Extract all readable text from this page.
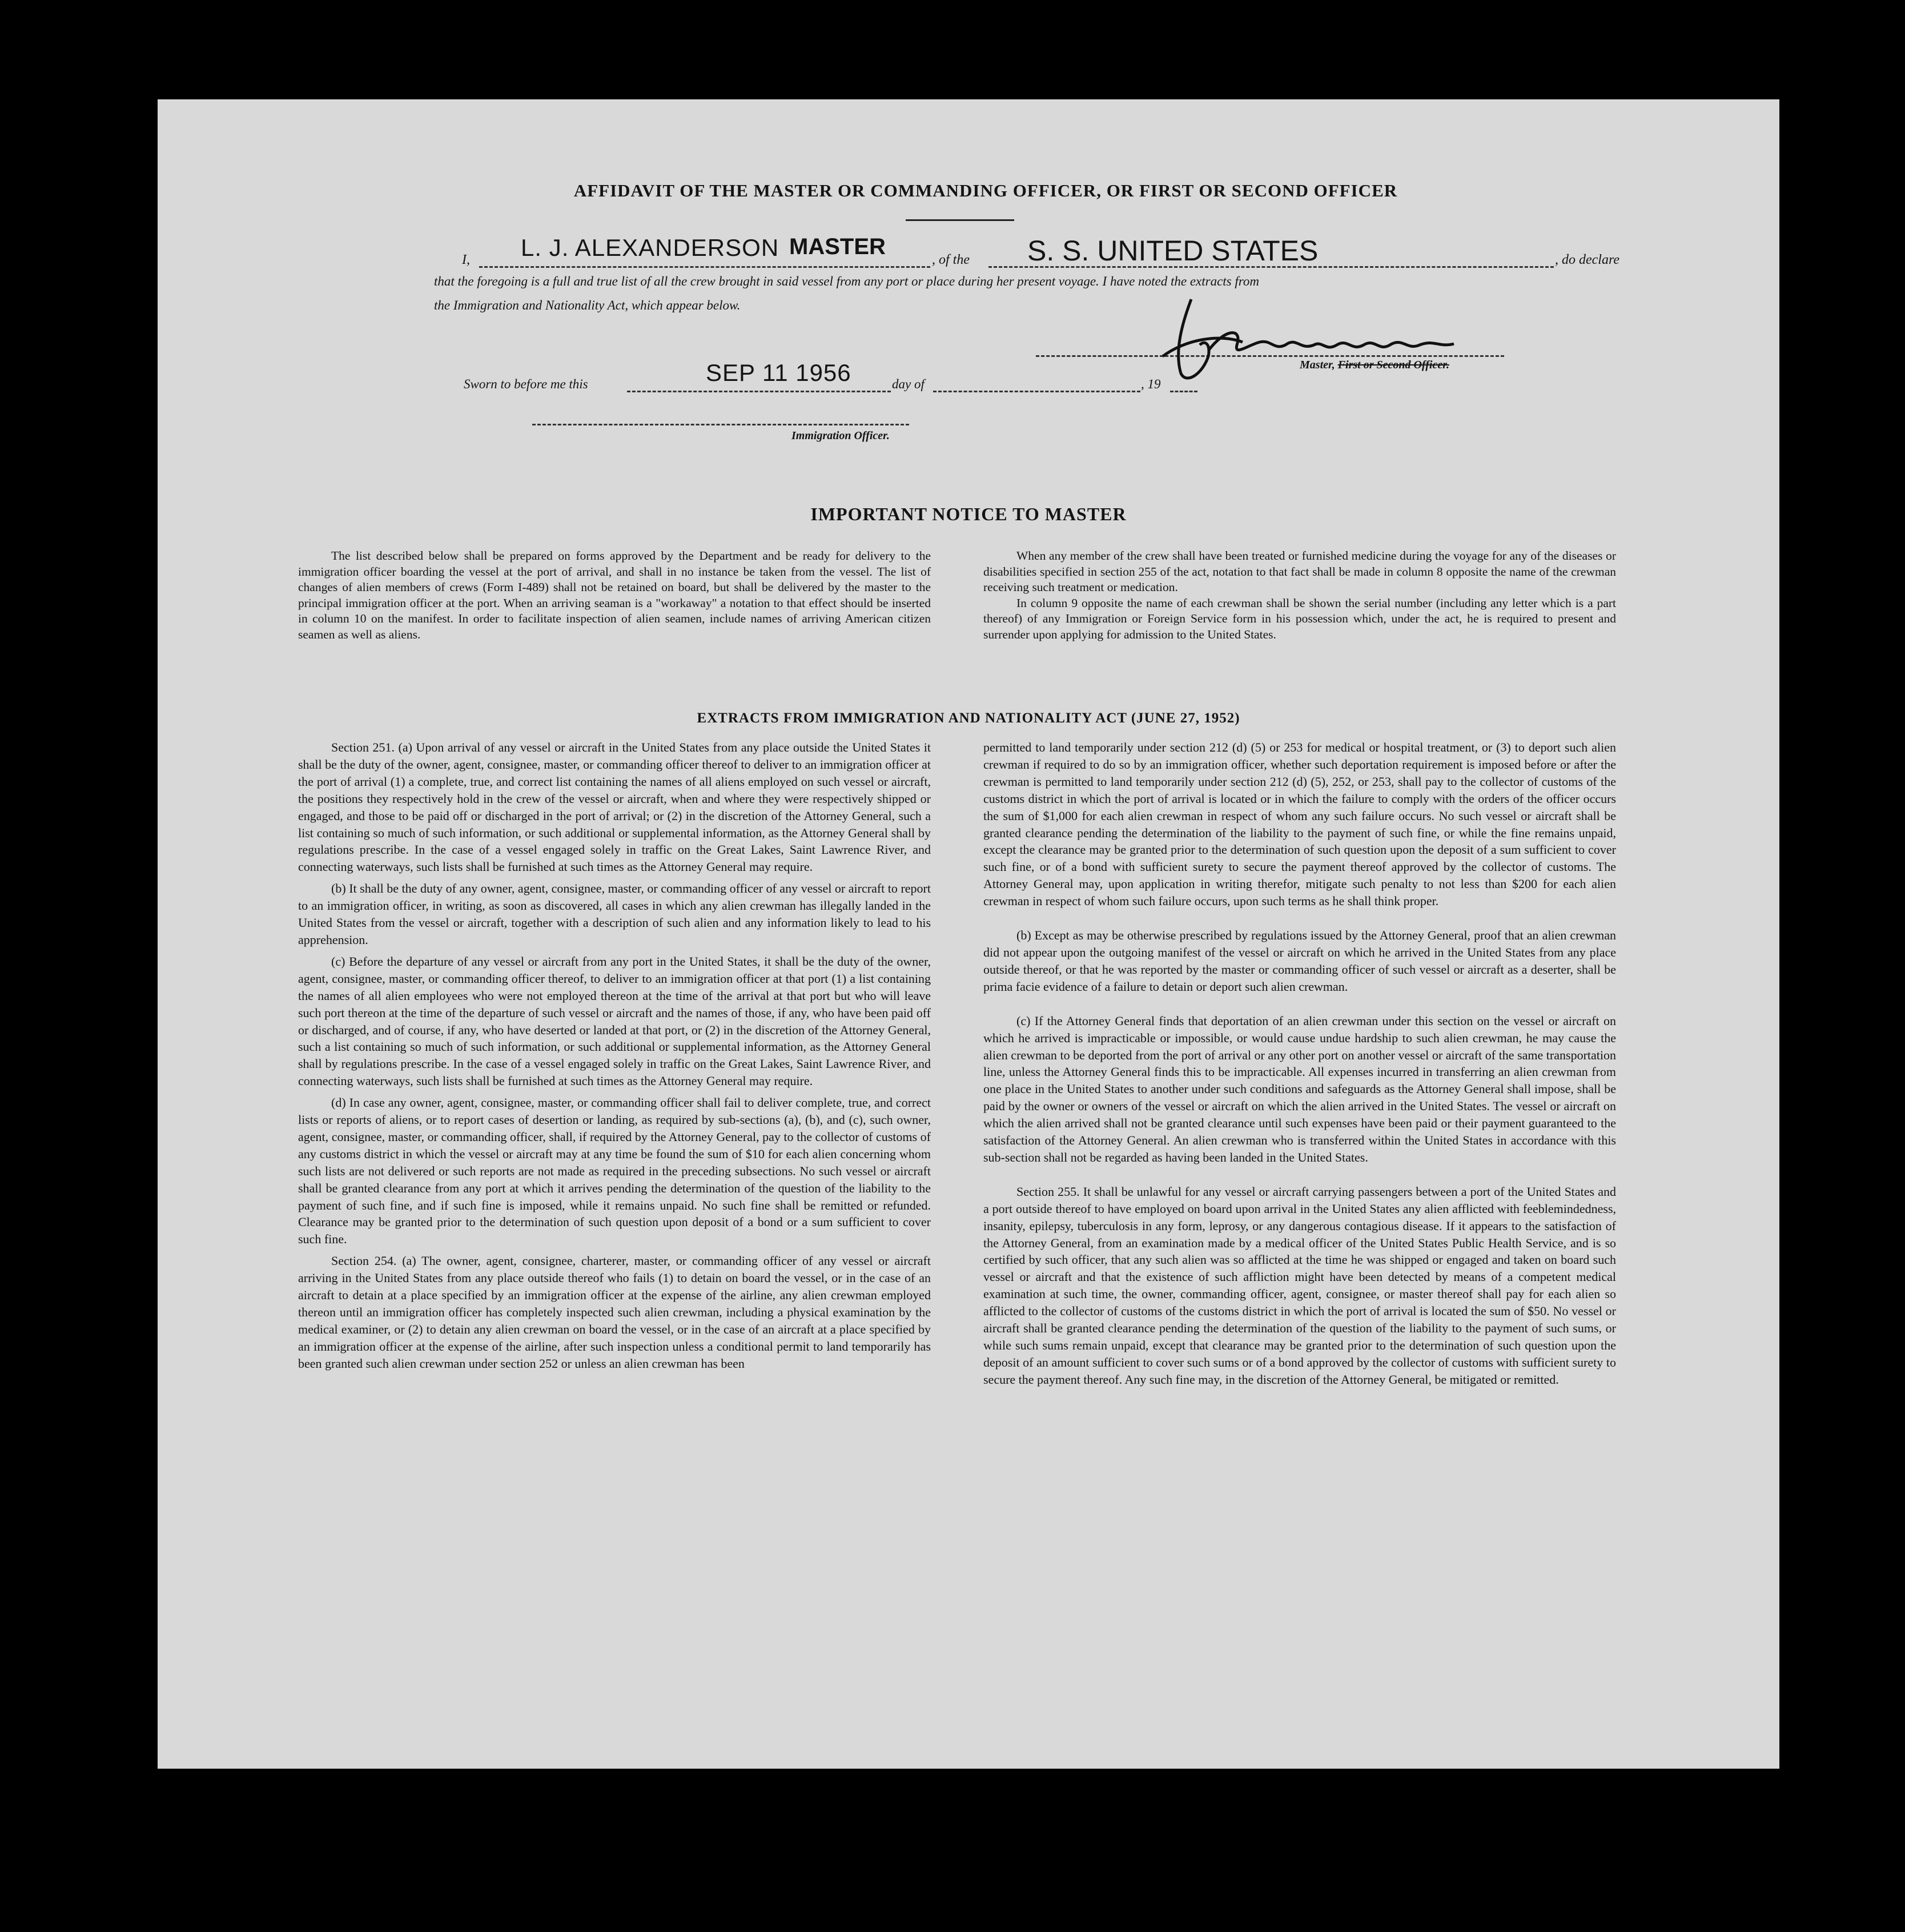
AFFIDAVIT OF THE MASTER OR COMMANDING OFFICER, OR FIRST OR SECOND OFFICER
I, L. J. ALEXANDERSON MASTER
, of the S. S. UNITED STATES	, do declare
that the foregoing is a full and true list of all the crew brought in said vessel from any port or place during her present voyage. I have noted the extracts from
the Immigration and Nationality Act, which appear below.
Master, First or Second Officer.
Sworn to before me this	SEP 11 1956	day of	, 19
Immigration Officer.
IMPORTANT NOTICE TO MASTER

The list described below shall be prepared on forms approved by the Department and be ready for delivery to the immigration officer boarding the vessel at the port of arrival, and shall in no instance be taken from the vessel. The list of changes of alien members of crews (Form I-489) shall not be retained on board, but shall be delivered by the master to the principal immigration officer at the port. When an arriving seaman is a "workaway" a notation to that effect should be inserted in column 10 on the manifest. In order to facilitate inspection of alien seamen, include names of arriving American citizen seamen as well as aliens.

When any member of the crew shall have been treated or furnished medicine during the voyage for any of the diseases or disabilities specified in section 255 of the act, notation to that fact shall be made in column 8 opposite the name of the crewman receiving such treatment or medication.

In column 9 opposite the name of each crewman shall be shown the serial number (including any letter which is a part thereof) of any Immigration or Foreign Service form in his possession which, under the act, he is required to present and surrender upon applying for admission to the United States.

EXTRACTS FROM IMMIGRATION AND NATIONALITY ACT (JUNE 27, 1952)

Section 251. (a) Upon arrival of any vessel or aircraft in the United States from any place outside the United States it shall be the duty of the owner, agent, consignee, master, or commanding officer thereof to deliver to an immigration officer at the port of arrival (1) a complete, true, and correct list containing the names of all aliens employed on such vessel or aircraft, the positions they respectively hold in the crew of the vessel or aircraft, when and where they were respectively shipped or engaged, and those to be paid off or discharged in the port of arrival; or (2) in the discretion of the Attorney General, such a list containing so much of such information, or such additional or supplemental information, as the Attorney General shall by regulations prescribe. In the case of a vessel engaged solely in traffic on the Great Lakes, Saint Lawrence River, and connecting waterways, such lists shall be furnished at such times as the Attorney General may require.

(b) It shall be the duty of any owner, agent, consignee, master, or commanding officer of any vessel or aircraft to report to an immigration officer, in writing, as soon as discovered, all cases in which any alien crewman has illegally landed in the United States from the vessel or aircraft, together with a description of such alien and any information likely to lead to his apprehension.

(c) Before the departure of any vessel or aircraft from any port in the United States, it shall be the duty of the owner, agent, consignee, master, or commanding officer thereof, to deliver to an immigration officer at that port (1) a list containing the names of all alien employees who were not employed thereon at the time of the arrival at that port but who will leave such port thereon at the time of the departure of such vessel or aircraft and the names of those, if any, who have been paid off or discharged, and of course, if any, who have deserted or landed at that port, or (2) in the discretion of the Attorney General, such a list containing so much of such information, or such additional or supplemental information, as the Attorney General shall by regulations prescribe. In the case of a vessel engaged solely in traffic on the Great Lakes, Saint Lawrence River, and connecting waterways, such lists shall be furnished at such times as the Attorney General may require.

(d) In case any owner, agent, consignee, master, or commanding officer shall fail to deliver complete, true, and correct lists or reports of aliens, or to report cases of desertion or landing, as required by sub-sections (a), (b), and (c), such owner, agent, consignee, master, or commanding officer, shall, if required by the Attorney General, pay to the collector of customs of any customs district in which the vessel or aircraft may at any time be found the sum of $10 for each alien concerning whom such lists are not delivered or such reports are not made as required in the preceding subsections. No such vessel or aircraft shall be granted clearance from any port at which it arrives pending the determination of the question of the liability to the payment of such fine, and if such fine is imposed, while it remains unpaid. No such fine shall be remitted or refunded. Clearance may be granted prior to the determination of such question upon deposit of a bond or a sum sufficient to cover such fine.

Section 254. (a) The owner, agent, consignee, charterer, master, or commanding officer of any vessel or aircraft arriving in the United States from any place outside thereof who fails (1) to detain on board the vessel, or in the case of an aircraft to detain at a place specified by an immigration officer at the expense of the airline, any alien crewman employed thereon until an immigration officer has completely inspected such alien crewman, including a physical examination by the medical examiner, or (2) to detain any alien crewman on board the vessel, or in the case of an aircraft at a place specified by an immigration officer at the expense of the airline, after such inspection unless a conditional permit to land temporarily has been granted such alien crewman under section 252 or unless an alien crewman has been

permitted to land temporarily under section 212 (d) (5) or 253 for medical or hospital treatment, or (3) to deport such alien crewman if required to do so by an immigration officer, whether such deportation requirement is imposed before or after the crewman is permitted to land temporarily under section 212 (d) (5), 252, or 253, shall pay to the collector of customs of the customs district in which the port of arrival is located or in which the failure to comply with the orders of the officer occurs the sum of $1,000 for each alien crewman in respect of whom any such failure occurs. No such vessel or aircraft shall be granted clearance pending the determination of the liability to the payment of such fine, or while the fine remains unpaid, except the clearance may be granted prior to the determination of such question upon the deposit of a sum sufficient to cover such fine, or of a bond with sufficient surety to secure the payment thereof approved by the collector of customs. The Attorney General may, upon application in writing therefor, mitigate such penalty to not less than $200 for each alien crewman in respect of whom such failure occurs, upon such terms as he shall think proper.

(b) Except as may be otherwise prescribed by regulations issued by the Attorney General, proof that an alien crewman did not appear upon the outgoing manifest of the vessel or aircraft on which he arrived in the United States from any place outside thereof, or that he was reported by the master or commanding officer of such vessel or aircraft as a deserter, shall be prima facie evidence of a failure to detain or deport such alien crewman.

(c) If the Attorney General finds that deportation of an alien crewman under this section on the vessel or aircraft on which he arrived is impracticable or impossible, or would cause undue hardship to such alien crewman, he may cause the alien crewman to be deported from the port of arrival or any other port on another vessel or aircraft of the same transportation line, unless the Attorney General finds this to be impracticable. All expenses incurred in transferring an alien crewman from one place in the United States to another under such conditions and safeguards as the Attorney General shall impose, shall be paid by the owner or owners of the vessel or aircraft on which the alien arrived in the United States. The vessel or aircraft on which the alien arrived shall not be granted clearance until such expenses have been paid or their payment guaranteed to the satisfaction of the Attorney General. An alien crewman who is transferred within the United States in accordance with this sub-section shall not be regarded as having been landed in the United States.

Section 255. It shall be unlawful for any vessel or aircraft carrying passengers between a port of the United States and a port outside thereof to have employed on board upon arrival in the United States any alien afflicted with feeblemindedness, insanity, epilepsy, tuberculosis in any form, leprosy, or any dangerous contagious disease. If it appears to the satisfaction of the Attorney General, from an examination made by a medical officer of the United States Public Health Service, and is so certified by such officer, that any such alien was so afflicted at the time he was shipped or engaged and taken on board such vessel or aircraft and that the existence of such affliction might have been detected by means of a competent medical examination at such time, the owner, commanding officer, agent, consignee, or master thereof shall pay for each alien so afflicted to the collector of customs of the customs district in which the port of arrival is located the sum of $50. No vessel or aircraft shall be granted clearance pending the determination of the question of the liability to the payment of such sums, or while such sums remain unpaid, except that clearance may be granted prior to the determination of such question upon the deposit of an amount sufficient to cover such sums or of a bond approved by the collector of customs with sufficient surety to secure the payment thereof. Any such fine may, in the discretion of the Attorney General, be mitigated or remitted.
